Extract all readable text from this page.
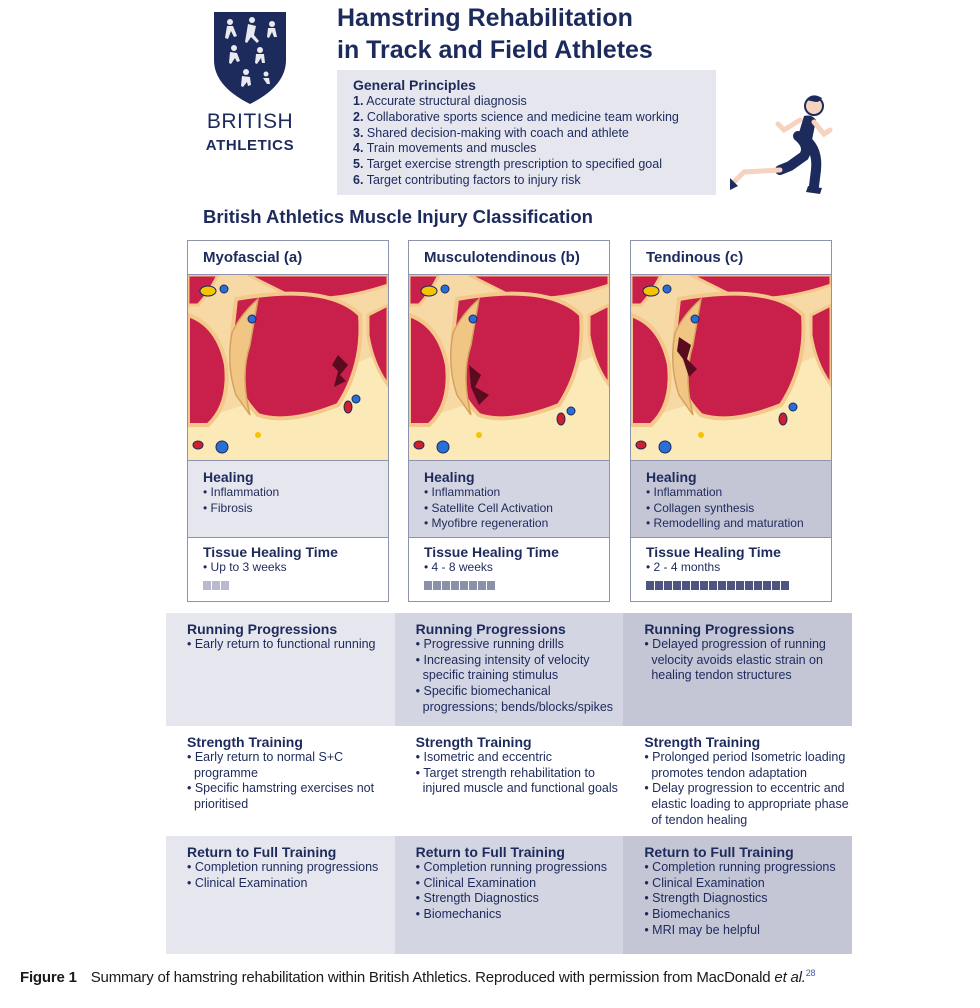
BRITISH
ATHLETICS
Hamstring Rehabilitation
in Track and Field Athletes
General Principles
1. Accurate structural diagnosis
2. Collaborative sports science and medicine team working
3. Shared decision-making with coach and athlete
4. Train movements and muscles
5. Target exercise strength prescription to specified goal
6. Target contributing factors to injury risk
British Athletics Muscle Injury Classification
Myofascial (a)
Healing
• Inflammation
• Fibrosis
Tissue Healing Time
• Up to 3 weeks
Musculotendinous (b)
Healing
• Inflammation
• Satellite Cell Activation
• Myofibre regeneration
Tissue Healing Time
• 4 - 8 weeks
Tendinous (c)
Healing
• Inflammation
• Collagen synthesis
• Remodelling and maturation
Tissue Healing Time
• 2 - 4 months
Running Progressions
• Early return to functional running
Running Progressions
• Progressive running drills
• Increasing intensity of velocity specific training stimulus
• Specific biomechanical progressions; bends/blocks/spikes
Running Progressions
• Delayed progression of running velocity avoids elastic strain on healing tendon structures
Strength Training
• Early return to normal S+C programme
• Specific hamstring exercises not prioritised
Strength Training
• Isometric and eccentric
• Target strength rehabilitation to injured muscle and functional goals
Strength Training
• Prolonged period Isometric loading promotes tendon adaptation
• Delay progression to eccentric and elastic loading to appropriate phase of tendon healing
Return to Full Training
• Completion running progressions
• Clinical Examination
Return to Full Training
• Completion running progressions
• Clinical Examination
• Strength Diagnostics
• Biomechanics
Return to Full Training
• Completion running progressions
• Clinical Examination
• Strength Diagnostics
• Biomechanics
• MRI may be helpful
Figure 1 Summary of hamstring rehabilitation within British Athletics. Reproduced with permission from MacDonald et al.$^{28}$
